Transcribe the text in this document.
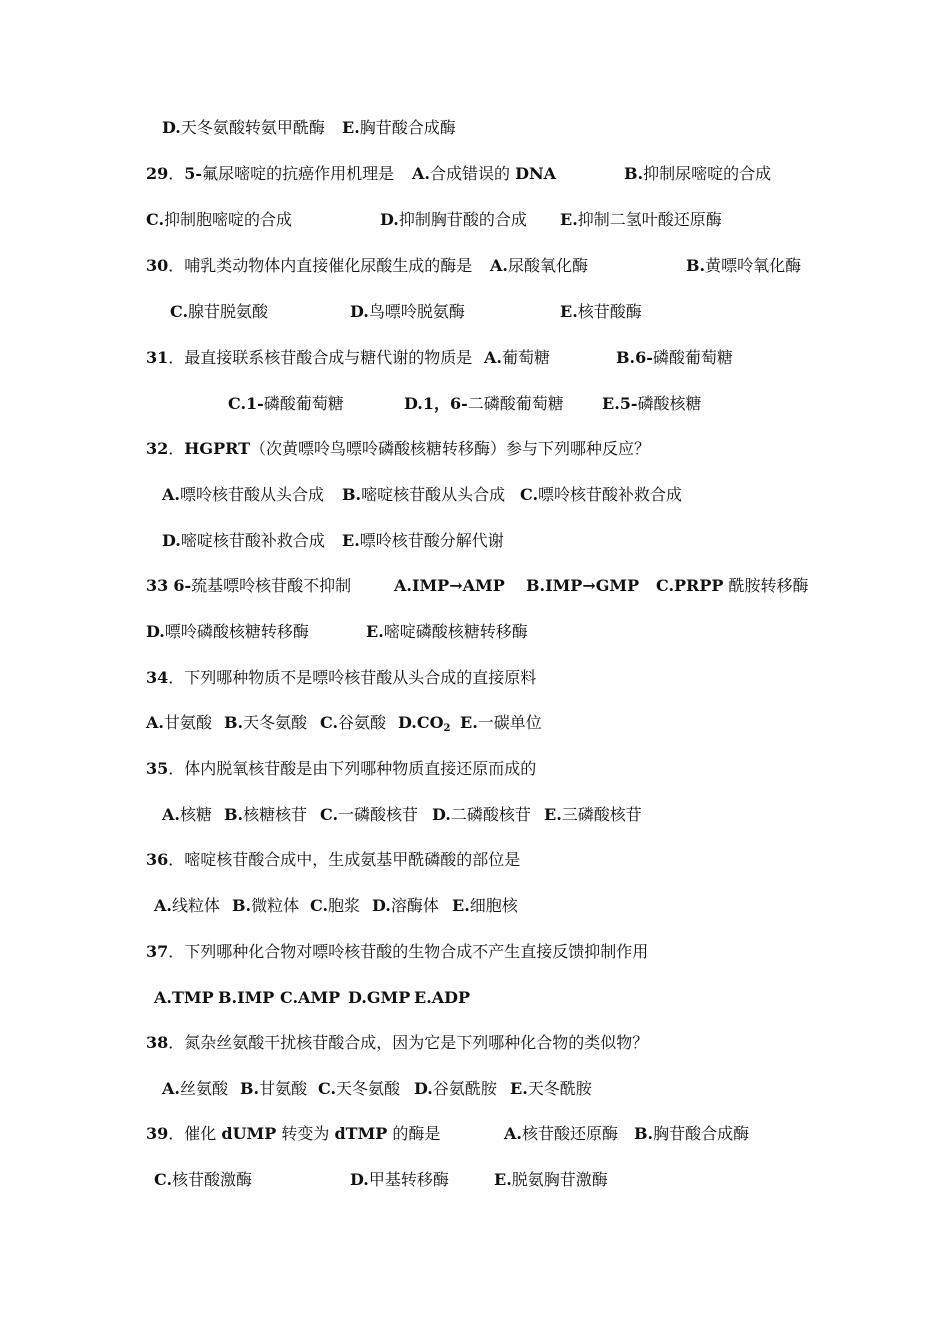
D.天冬氨酸转氨甲酰酶 E.胸苷酸合成酶
29．5-氟尿嘧啶的抗癌作用机理是 A.合成错误的 DNA	B.抑制尿嘧啶的合成
C.抑制胞嘧啶的合成	D.抑制胸苷酸的合成 E.抑制二氢叶酸还原酶
30．哺乳类动物体内直接催化尿酸生成的酶是 A.尿酸氧化酶	B.黄嘌呤氧化酶
C.腺苷脱氨酸	D.鸟嘌呤脱氨酶	E.核苷酸酶
31．最直接联系核苷酸合成与糖代谢的物质是 A.葡萄糖	B.6-磷酸葡萄糖
C.1-磷酸葡萄糖	D.1，6-二磷酸葡萄糖 E.5-磷酸核糖
32．HGPRT（次黄嘌呤鸟嘌呤磷酸核糖转移酶）参与下列哪种反应？
A.嘌呤核苷酸从头合成 B.嘧啶核苷酸从头合成 C.嘌呤核苷酸补救合成
D.嘧啶核苷酸补救合成 E.嘌呤核苷酸分解代谢
33 6-巯基嘌呤核苷酸不抑制	A.IMP→AMP B.IMP→GMP C.PRPP 酰胺转移酶
D.嘌呤磷酸核糖转移酶	E.嘧啶磷酸核糖转移酶
34．下列哪种物质不是嘌呤核苷酸从头合成的直接原料
A.甘氨酸 B.天冬氨酸 C.谷氨酸 $D.CO_2$ E.一碳单位
35．体内脱氧核苷酸是由下列哪种物质直接还原而成的
A.核糖 B.核糖核苷 C.一磷酸核苷 D.二磷酸核苷 E.三磷酸核苷
36．嘧啶核苷酸合成中，生成氨基甲酰磷酸的部位是
A.线粒体 B.微粒体 C.胞浆 D.溶酶体 E.细胞核
37．下列哪种化合物对嘌呤核苷酸的生物合成不产生直接反馈抑制作用
A.TMP B.IMP C.AMP D.GMP E.ADP
38．氮杂丝氨酸干扰核苷酸合成，因为它是下列哪种化合物的类似物？
A.丝氨酸 B.甘氨酸 C.天冬氨酸 D.谷氨酰胺 E.天冬酰胺
39．催化 dUMP 转变为 dTMP 的酶是	A.核苷酸还原酶 B.胸苷酸合成酶
C.核苷酸激酶	D.甲基转移酶	E.脱氨胸苷激酶
